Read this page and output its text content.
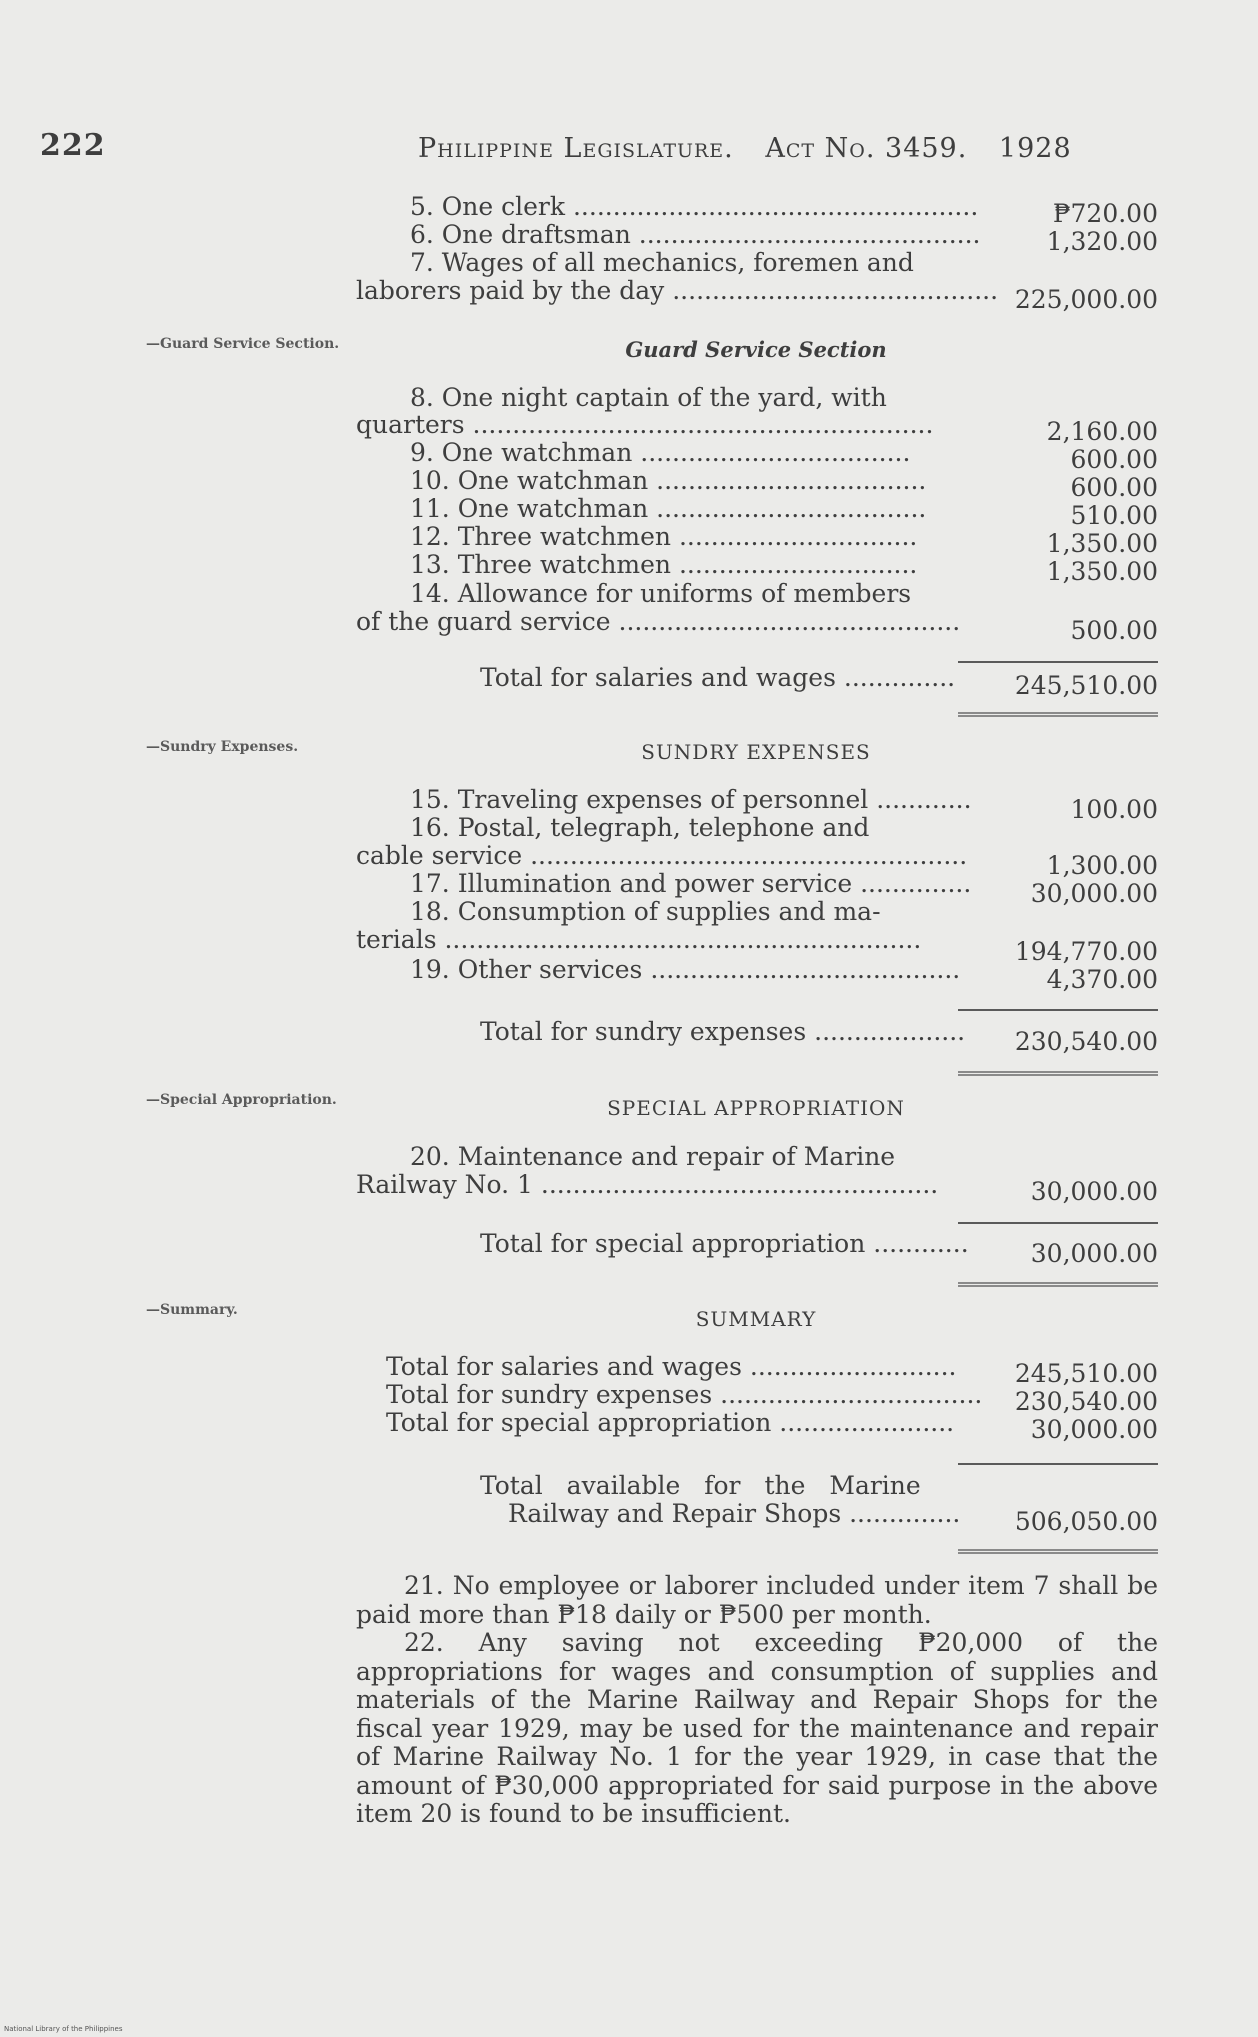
222	Philippine Legislature. Act No. 3459. 1928
5. One clerk ...................................................	₱720.00
6. One draftsman ...........................................	1,320.00
7. Wages of all mechanics, foremen and
laborers paid by the day ......................................... 225,000.00
—Guard Service Section.	Guard Service Section
8. One night captain of the yard, with
quarters ..........................................................	2,160.00
9. One watchman ..................................	600.00
10. One watchman ..................................	600.00
11. One watchman ..................................	510.00
12. Three watchmen ..............................	1,350.00
13. Three watchmen ..............................	1,350.00
14. Allowance for uniforms of members
of the guard service ...........................................	500.00
Total for salaries and wages ..............	245,510.00
—Sundry Expenses.	SUNDRY EXPENSES
15. Traveling expenses of personnel ............	100.00
16. Postal, telegraph, telephone and
cable service .......................................................	1,300.00
17. Illumination and power service ..............	30,000.00
18. Consumption of supplies and ma-
terials ............................................................	194,770.00
19. Other services .......................................	4,370.00
Total for sundry expenses ...................	230,540.00
—Special Appropriation.	SPECIAL APPROPRIATION
20. Maintenance and repair of Marine
Railway No. 1 ..................................................	30,000.00
Total for special appropriation ............	30,000.00
—Summary.	SUMMARY
Total for salaries and wages ..........................	245,510.00
Total for sundry expenses .................................	230,540.00
Total for special appropriation ......................	30,000.00
Total available for the Marine
Railway and Repair Shops ..............	506,050.00

21. No employee or laborer included under item 7 shall be paid more than ₱18 daily or ₱500 per month.

22. Any saving not exceeding ₱20,000 of the appropriations for wages and consumption of supplies and materials of the Marine Railway and Repair Shops for the fiscal year 1929, may be used for the maintenance and repair of Marine Railway No. 1 for the year 1929, in case that the amount of ₱30,000 appropriated for said purpose in the above item 20 is found to be insufficient.

National Library of the Philippines
